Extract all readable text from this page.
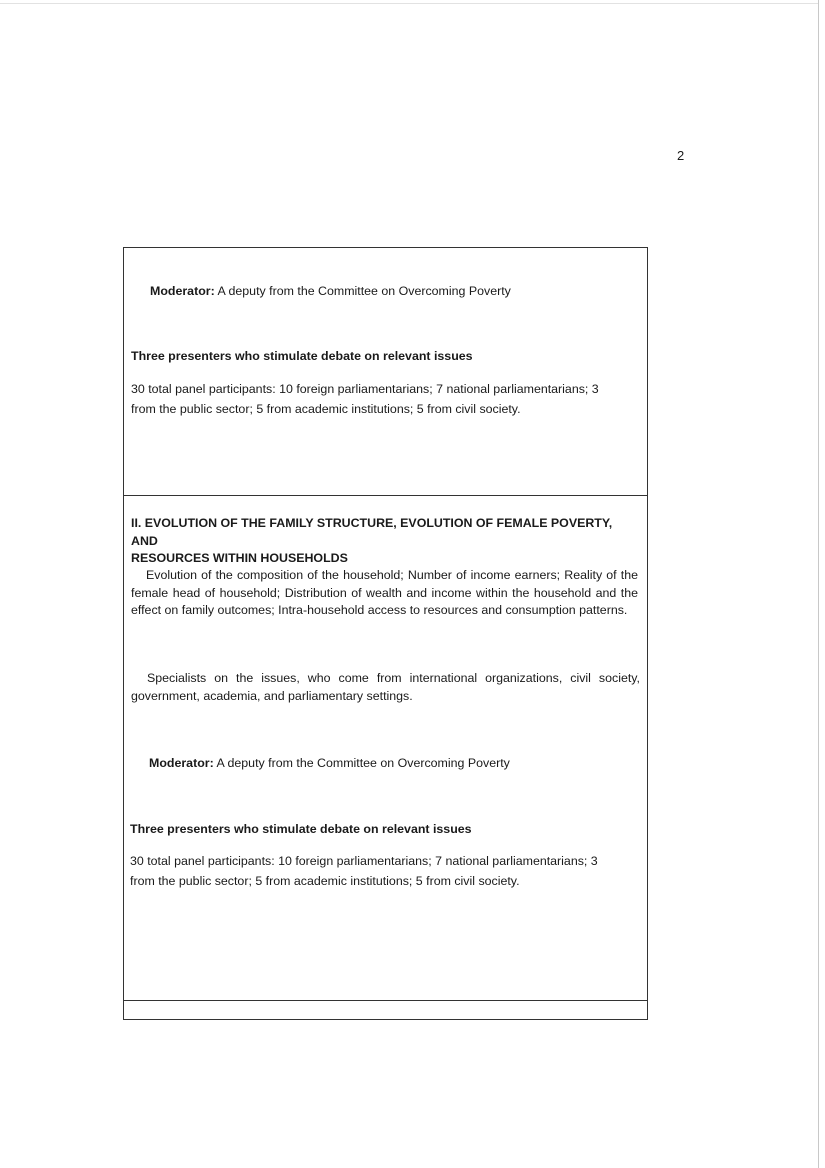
2
Moderator: A deputy from the Committee on Overcoming Poverty
Three presenters who stimulate debate on relevant issues
30 total panel participants: 10 foreign parliamentarians; 7 national parliamentarians; 3
from the public sector; 5 from academic institutions; 5 from civil society.
II. EVOLUTION OF THE FAMILY STRUCTURE, EVOLUTION OF FEMALE POVERTY, AND
RESOURCES WITHIN HOUSEHOLDS
Evolution of the composition of the household; Number of income earners; Reality of the female head of household; Distribution of wealth and income within the household and the effect on family outcomes; Intra-household access to resources and consumption patterns.
Specialists on the issues, who come from international organizations, civil society, government, academia, and parliamentary settings.
Moderator: A deputy from the Committee on Overcoming Poverty
Three presenters who stimulate debate on relevant issues
30 total panel participants: 10 foreign parliamentarians; 7 national parliamentarians; 3
from the public sector; 5 from academic institutions; 5 from civil society.
